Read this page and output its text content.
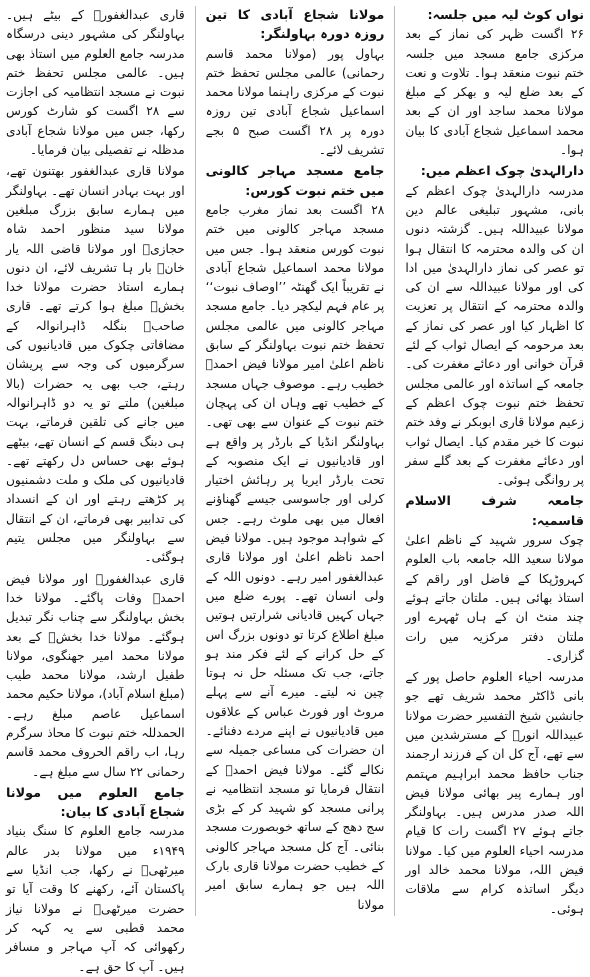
نواں کوٹ لیہ میں جلسہ:

۲۶ اگست ظہر کی نماز کے بعد مرکزی جامع مسجد میں جلسہ ختم نبوت منعقد ہوا۔ تلاوت و نعت کے بعد ضلع لیہ و بھکر کے مبلغ مولانا محمد ساجد اور ان کے بعد محمد اسماعیل شجاع آبادی کا بیان ہوا۔

دارالہدیٰ چوک اعظم میں:

مدرسہ دارالہدیٰ چوک اعظم کے بانی، مشہور تبلیغی عالم دین مولانا عبیداللہ ہیں۔ گزشتہ دنوں ان کی والدہ محترمہ کا انتقال ہوا تو عصر کی نماز دارالہدیٰ میں ادا کی اور مولانا عبیداللہ سے ان کی والدہ محترمہ کے انتقال پر تعزیت کا اظہار کیا اور عصر کی نماز کے بعد مرحومہ کے ایصال ثواب کے لئے قرآن خوانی اور دعائے مغفرت کی۔ جامعہ کے اساتذہ اور عالمی مجلس تحفظ ختم نبوت چوک اعظم کے زعیم مولانا قاری ابوبکر نے وفد ختم نبوت کا خیر مقدم کیا۔ ایصال ثواب اور دعائے مغفرت کے بعد گلے سفر پر روانگی ہوئی۔

جامعہ شرف الاسلام قاسمیہ:

چوک سرور شہید کے ناظم اعلیٰ مولانا سعید اللہ جامعہ باب العلوم کہروڑپکا کے فاضل اور راقم کے استاذ بھائی ہیں۔ ملتان جاتے ہوئے چند منٹ ان کے ہاں ٹھہرے اور ملتان دفتر مرکزیہ میں رات گزاری۔

مدرسہ احیاء العلوم حاصل پور کے بانی ڈاکٹر محمد شریف تھے جو جانشین شیخ التفسیر حضرت مولانا عبیداللہ انورؒ کے مسترشدین میں سے تھے، آج کل ان کے فرزند ارجمند جناب حافظ محمد ابراہیم مہتمم اور ہمارے پیر بھائی مولانا فیض اللہ صدر مدرس ہیں۔ بہاولنگر جاتے ہوئے ۲۷ اگست رات کا قیام مدرسہ احیاء العلوم میں کیا۔ مولانا فیض اللہ، مولانا محمد خالد اور دیگر اساتذہ کرام سے ملاقات ہوئی۔

مولانا شجاع آبادی کا تین روزہ دورہ بہاولنگر:

بہاول پور (مولانا محمد قاسم رحمانی) عالمی مجلس تحفظ ختم نبوت کے مرکزی راہنما مولانا محمد اسماعیل شجاع آبادی تین روزہ دورہ پر ۲۸ اگست صبح ۵ بجے تشریف لائے۔

جامع مسجد مہاجر کالونی میں ختم نبوت کورس:

۲۸ اگست بعد نماز مغرب جامع مسجد مہاجر کالونی میں ختم نبوت کورس منعقد ہوا۔ جس میں مولانا محمد اسماعیل شجاع آبادی نے تقریباً ایک گھنٹہ ’’اوصاف نبوت‘‘ پر عام فہم لیکچر دیا۔ جامع مسجد مہاجر کالونی میں عالمی مجلس تحفظ ختم نبوت بہاولنگر کے سابق ناظم اعلیٰ امیر مولانا فیض احمدؒ خطیب رہے۔ موصوف جہاں مسجد کے خطیب تھے وہاں ان کی پہچان ختم نبوت کے عنوان سے بھی تھی۔ بہاولنگر انڈیا کے بارڈر پر واقع ہے اور قادیانیوں نے ایک منصوبہ کے تحت بارڈر ایریا پر رہائش اختیار کرلی اور جاسوسی جیسے گھناؤنے افعال میں بھی ملوث رہے۔ جس کے شواہد موجود ہیں۔ مولانا فیض احمد ناظم اعلیٰ اور مولانا قاری عبدالغفور امیر رہے۔ دونوں اللہ کے ولی انسان تھے۔ پورے ضلع میں جہاں کہیں قادیانی شرارتیں ہوتیں مبلغ اطلاع کرتا تو دونوں بزرگ اس کے حل کرانے کے لئے فکر مند ہو جاتے، جب تک مسئلہ حل نہ ہوتا چین نہ لیتے۔ میرے آنے سے پہلے مروٹ اور فورٹ عباس کے علاقوں میں قادیانیوں نے اپنے مردے دفنائے۔ ان حضرات کی مساعی جمیلہ سے نکالے گئے۔ مولانا فیض احمدؒ کے انتقال فرمایا تو مسجد انتظامیہ نے پرانی مسجد کو شہید کر کے بڑی سج دھج کے ساتھ خوبصورت مسجد بنائی۔ آج کل مسجد مہاجر کالونی کے خطیب حضرت مولانا قاری بارک اللہ ہیں جو ہمارے سابق امیر مولانا

قاری عبدالغفورؒ کے بیٹے ہیں۔ بہاولنگر کی مشہور دینی درسگاہ مدرسہ جامع العلوم میں استاذ بھی ہیں۔ عالمی مجلس تحفظ ختم نبوت نے مسجد انتظامیہ کی اجازت سے ۲۸ اگست کو شارٹ کورس رکھا، جس میں مولانا شجاع آبادی مدظلہ نے تفصیلی بیان فرمایا۔

مولانا قاری عبدالغفور بھتنون تھے، اور بہت بہادر انسان تھے۔ بہاولنگر میں ہمارے سابق بزرگ مبلغین مولانا سید منظور احمد شاہ حجازیؒ اور مولانا قاضی اللہ یار خانؒ بار ہا تشریف لائے، ان دنوں ہمارے استاذ حضرت مولانا خدا بخشؒ مبلغ ہوا کرتے تھے۔ قاری صاحبؒ بنگلہ ڈاہرانوالہ کے مضافاتی چکوک میں قادیانیوں کی سرگرمیوں کی وجہ سے پریشان رہتے، جب بھی یہ حضرات (بالا مبلغین) ملتے تو یہ دو ڈاہرانوالہ میں جانے کی تلقین فرماتے، بہت ہی دبنگ قسم کے انسان تھے، بیٹھے ہوئے بھی حساس دل رکھتے تھے۔ قادیانیوں کی ملک و ملت دشمنیوں پر کڑھتے رہتے اور ان کے انسداد کی تدابیر بھی فرماتے، ان کے انتقال سے بہاولنگر میں مجلس یتیم ہوگئی۔

قاری عبدالغفورؒ اور مولانا فیض احمدؒ وفات پاگئے۔ مولانا خدا بخش بہاولنگر سے چناب نگر تبدیل ہوگئے۔ مولانا خدا بخشؒ کے بعد مولانا محمد امیر جھنگوی، مولانا طفیل ارشد، مولانا محمد طیب (مبلغ اسلام آباد)، مولانا حکیم محمد اسماعیل عاصم مبلغ رہے۔ الحمدللہ ختم نبوت کا محاذ سرگرم رہا، اب راقم الحروف محمد قاسم رحمانی ۲۲ سال سے مبلغ ہے۔

جامع العلوم میں مولانا شجاع آبادی کا بیان:

مدرسہ جامع العلوم کا سنگ بنیاد ۱۹۴۹ء میں مولانا بدر عالم میرٹھیؒ نے رکھا، جب انڈیا سے پاکستان آئے، رکھنے کا وقت آیا تو حضرت میرٹھیؒ نے مولانا نیاز محمد قطبی سے یہ کہہ کر رکھوائی کہ آپ مہاجر و مسافر ہیں۔ آپ کا حق ہے۔
